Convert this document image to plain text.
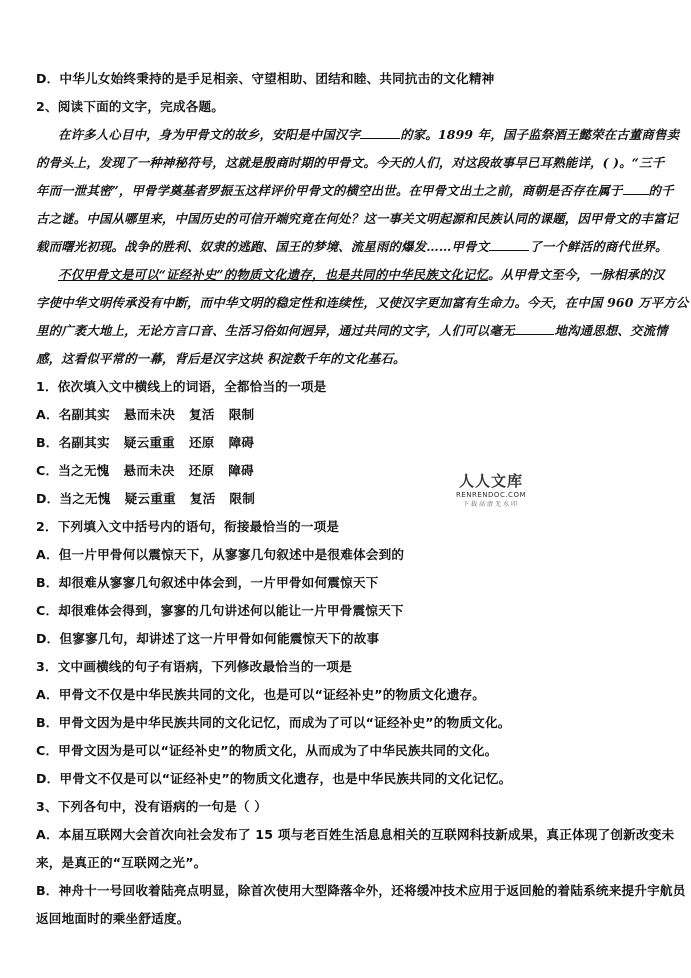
D．中华儿女始终秉持的是手足相亲、守望相助、团结和睦、共同抗击的文化精神
2、阅读下面的文字，完成各题。
在许多人心目中，身为甲骨文的故乡，安阳是中国汉字	的家。1899 年，国子监祭酒王懿荣在古董商售卖
的骨头上，发现了一种神秘符号，这就是殷商时期的甲骨文。今天的人们，对这段故事早已耳熟能详，( )。“三千
年而一泄其密”，甲骨学奠基者罗振玉这样评价甲骨文的横空出世。在甲骨文出土之前，商朝是否存在属于 的千
古之谜。中国从哪里来，中国历史的可信开端究竟在何处？这一事关文明起源和民族认同的课题，因甲骨文的丰富记
载而曙光初现。战争的胜利、奴隶的逃跑、国王的梦境、流星雨的爆发……甲骨文	了一个鲜活的商代世界。
不仅甲骨文是可以“证经补史”的物质文化遗存，也是共同的中华民族文化记忆。从甲骨文至今，一脉相承的汉
字使中华文明传承没有中断，而中华文明的稳定性和连续性，又使汉字更加富有生命力。今天，在中国 960 万平方公
里的广袤大地上，无论方言口音、生活习俗如何迥异，通过共同的文字，人们可以毫无	地沟通思想、交流情
感，这看似平常的一幕，背后是汉字这块 积淀数千年的文化基石。
1．依次填入文中横线上的词语，全都恰当的一项是
A．名副其实 悬而未决 复活 限制
B．名副其实 疑云重重 还原 障碍
C．当之无愧 悬而未决 还原 障碍
D．当之无愧 疑云重重 复活 限制
2．下列填入文中括号内的语句，衔接最恰当的一项是
A．但一片甲骨何以震惊天下，从寥寥几句叙述中是很难体会到的
B．却很难从寥寥几句叙述中体会到，一片甲骨如何震惊天下
C．却很难体会得到，寥寥的几句讲述何以能让一片甲骨震惊天下
D．但寥寥几句，却讲述了这一片甲骨如何能震惊天下的故事
3．文中画横线的句子有语病，下列修改最恰当的一项是
A．甲骨文不仅是中华民族共同的文化，也是可以“证经补史”的物质文化遗存。
B．甲骨文因为是中华民族共同的文化记忆，而成为了可以“证经补史”的物质文化。
C．甲骨文因为是可以“证经补史”的物质文化，从而成为了中华民族共同的文化。
D．甲骨文不仅是可以“证经补史”的物质文化遗存，也是中华民族共同的文化记忆。
3、下列各句中，没有语病的一句是（ ）
A．本届互联网大会首次向社会发布了 15 项与老百姓生活息息相关的互联网科技新成果，真正体现了创新改变未
来，是真正的“互联网之光”。
B．神舟十一号回收着陆亮点明显，除首次使用大型降落伞外，还将缓冲技术应用于返回舱的着陆系统来提升宇航员
返回地面时的乘坐舒适度。
人人文库
RENRENDOC.COM
下载高清无水印
